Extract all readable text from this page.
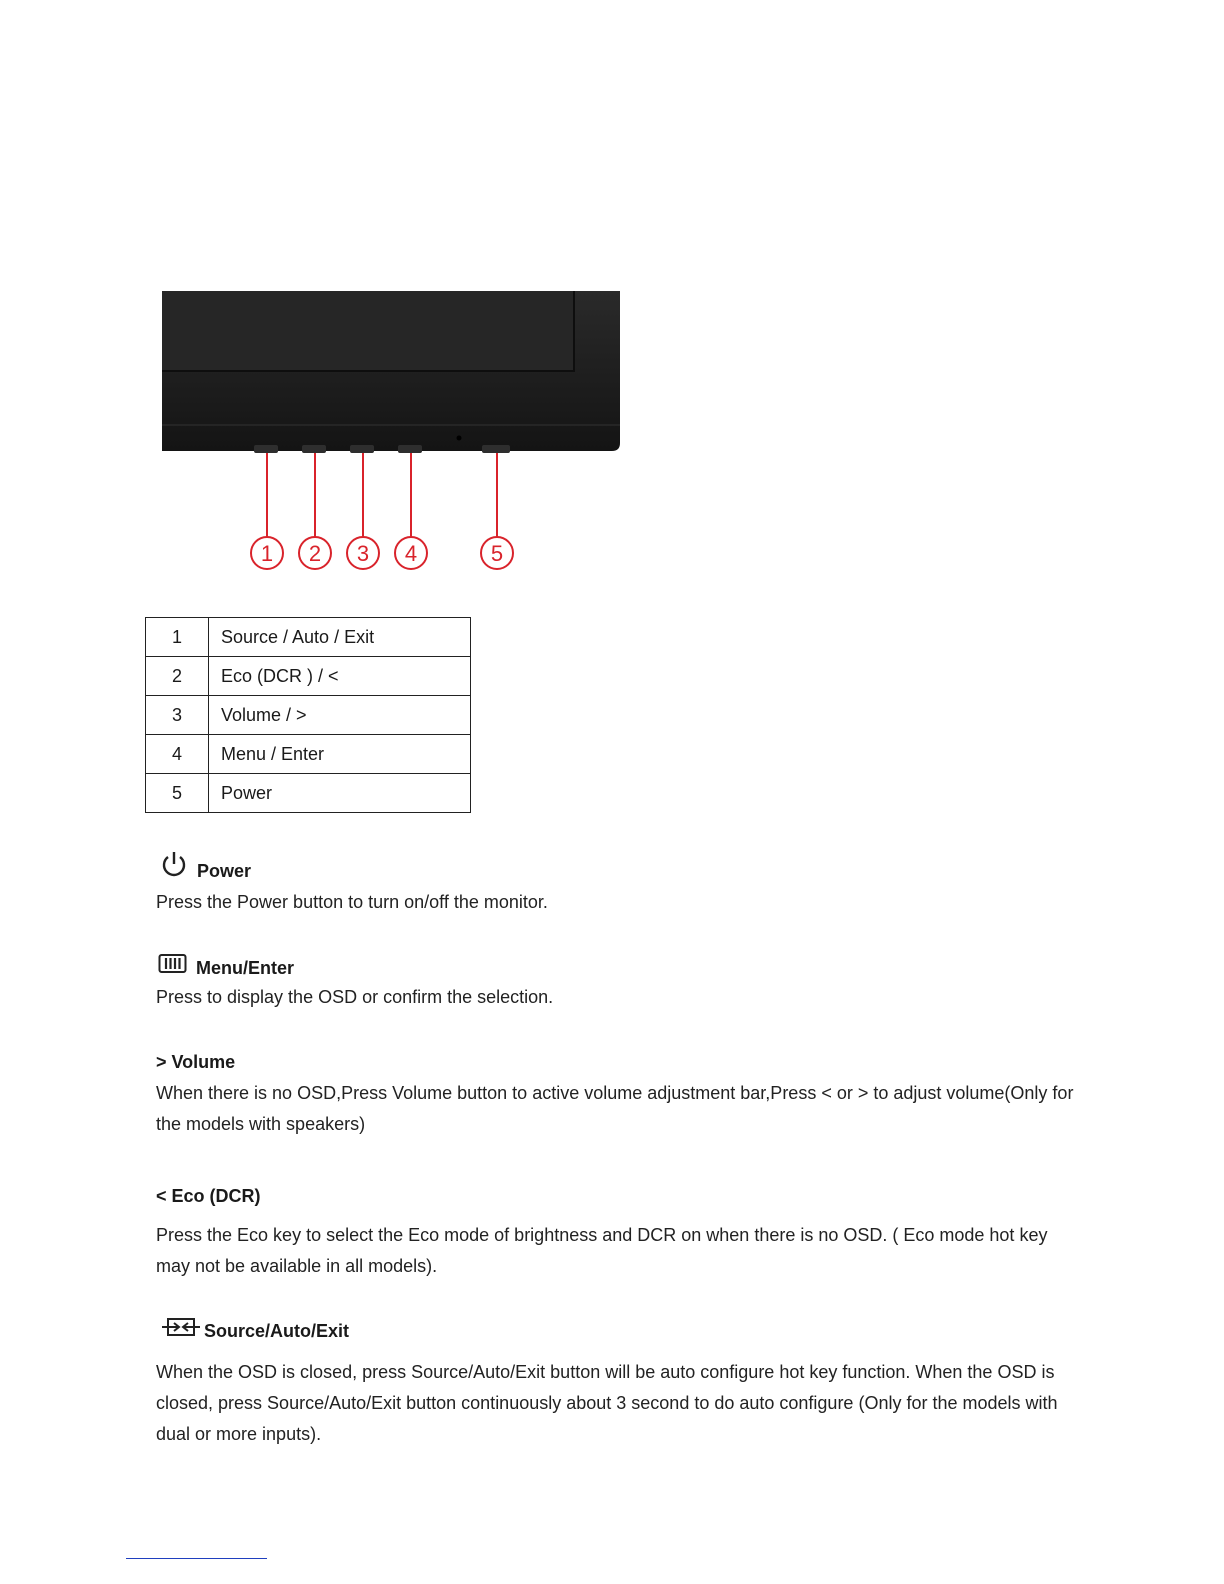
1 2 3 4	5
1	Source / Auto / Exit
2	Eco (DCR ) / <
3	Volume / >
4	Menu / Enter
5	Power
Power
Press the Power button to turn on/off the monitor.
Menu/Enter
Press to display the OSD or confirm the selection.
> Volume
When there is no OSD,Press Volume button to active volume adjustment bar,Press < or > to adjust volume(Only for the models with speakers)
< Eco (DCR)
Press the Eco key to select the Eco mode of brightness and DCR on when there is no OSD. ( Eco mode hot key may not be available in all models).
Source/Auto/Exit
When the OSD is closed, press Source/Auto/Exit button will be auto configure hot key function. When the OSD is closed, press Source/Auto/Exit button continuously about 3 second to do auto configure (Only for the models with dual or more inputs).
